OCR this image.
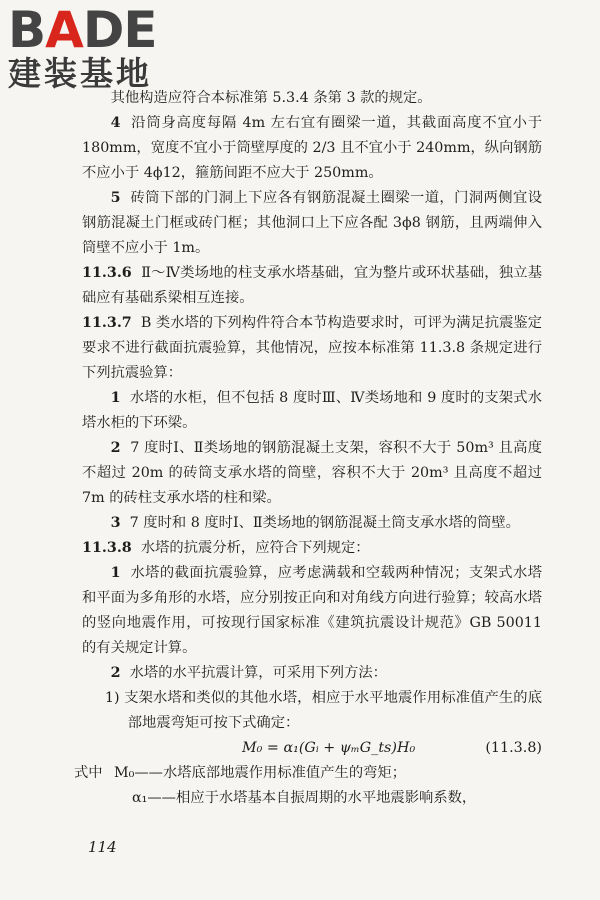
BADE
建装基地

其他构造应符合本标准第 5.3.4 条第 3 款的规定。

4 沿筒身高度每隔 4m 左右宜有圈梁一道，其截面高度不宜小于 180mm，宽度不宜小于筒壁厚度的 2/3 且不宜小于 240mm，纵向钢筋不应小于 4ϕ12，箍筋间距不应大于 250mm。

5 砖筒下部的门洞上下应各有钢筋混凝土圈梁一道，门洞两侧宜设钢筋混凝土门框或砖门框；其他洞口上下应各配 3ϕ8 钢筋，且两端伸入筒壁不应小于 1m。

11.3.6 Ⅱ～Ⅳ类场地的柱支承水塔基础，宜为整片或环状基础，独立基础应有基础系梁相互连接。

11.3.7 B 类水塔的下列构件符合本节构造要求时，可评为满足抗震鉴定要求不进行截面抗震验算，其他情况，应按本标准第 11.3.8 条规定进行下列抗震验算：

1 水塔的水柜，但不包括 8 度时Ⅲ、Ⅳ类场地和 9 度时的支架式水塔水柜的下环梁。

2 7 度时Ⅰ、Ⅱ类场地的钢筋混凝土支架，容积不大于 50m³ 且高度不超过 20m 的砖筒支承水塔的筒壁，容积不大于 20m³ 且高度不超过 7m 的砖柱支承水塔的柱和梁。

3 7 度时和 8 度时Ⅰ、Ⅱ类场地的钢筋混凝土筒支承水塔的筒壁。

11.3.8 水塔的抗震分析，应符合下列规定：

1 水塔的截面抗震验算，应考虑满载和空载两种情况；支架式水塔和平面为多角形的水塔，应分别按正向和对角线方向进行验算；较高水塔的竖向地震作用，可按现行国家标准《建筑抗震设计规范》GB 50011 的有关规定计算。

2 水塔的水平抗震计算，可采用下列方法：

1) 支架水塔和类似的其他水塔，相应于水平地震作用标准值产生的底部地震弯矩可按下式确定：

M₀ = α₁(Gᵢ + ψₘG_ts)H₀	(11.3.8)
式中 M₀——水塔底部地震作用标准值产生的弯矩；
α₁——相应于水塔基本自振周期的水平地震影响系数，
114
